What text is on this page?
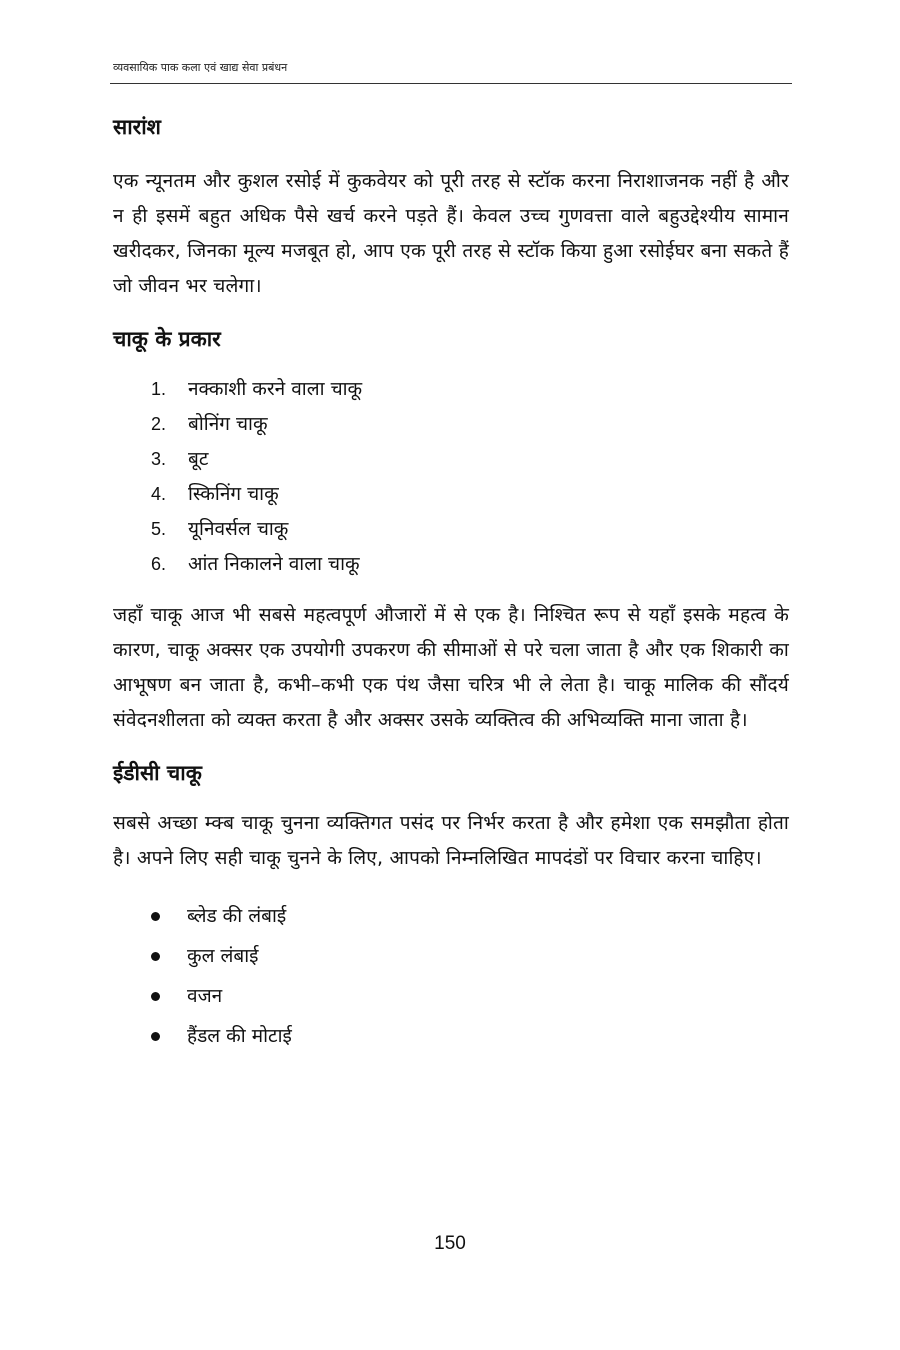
व्यवसायिक पाक कला एवं खाद्य सेवा प्रबंधन
सारांश

एक न्यूनतम और कुशल रसोई में कुकवेयर को पूरी तरह से स्टॉक करना निराशाजनक नहीं है और न ही इसमें बहुत अधिक पैसे खर्च करने पड़ते हैं। केवल उच्च गुणवत्ता वाले बहुउद्देश्यीय सामान खरीदकर, जिनका मूल्य मजबूत हो, आप एक पूरी तरह से स्टॉक किया हुआ रसोईघर बना सकते हैं जो जीवन भर चलेगा।

चाकू के प्रकार
1.	नक्काशी करने वाला चाकू
2.	बोनिंग चाकू
3.	बूट
4.	स्किनिंग चाकू
5.	यूनिवर्सल चाकू
6.	आंत निकालने वाला चाकू

जहाँ चाकू आज भी सबसे महत्वपूर्ण औजारों में से एक है। निश्चित रूप से यहाँ इसके महत्व के कारण, चाकू अक्सर एक उपयोगी उपकरण की सीमाओं से परे चला जाता है और एक शिकारी का आभूषण बन जाता है, कभी–कभी एक पंथ जैसा चरित्र भी ले लेता है। चाकू मालिक की सौंदर्य संवेदनशीलता को व्यक्त करता है और अक्सर उसके व्यक्तित्व की अभिव्यक्ति माना जाता है।

ईडीसी चाकू

सबसे अच्छा म्क्ब चाकू चुनना व्यक्तिगत पसंद पर निर्भर करता है और हमेशा एक समझौता होता है। अपने लिए सही चाकू चुनने के लिए, आपको निम्नलिखित मापदंडों पर विचार करना चाहिए।

ब्लेड की लंबाई
कुल लंबाई
वजन
हैंडल की मोटाई
150
